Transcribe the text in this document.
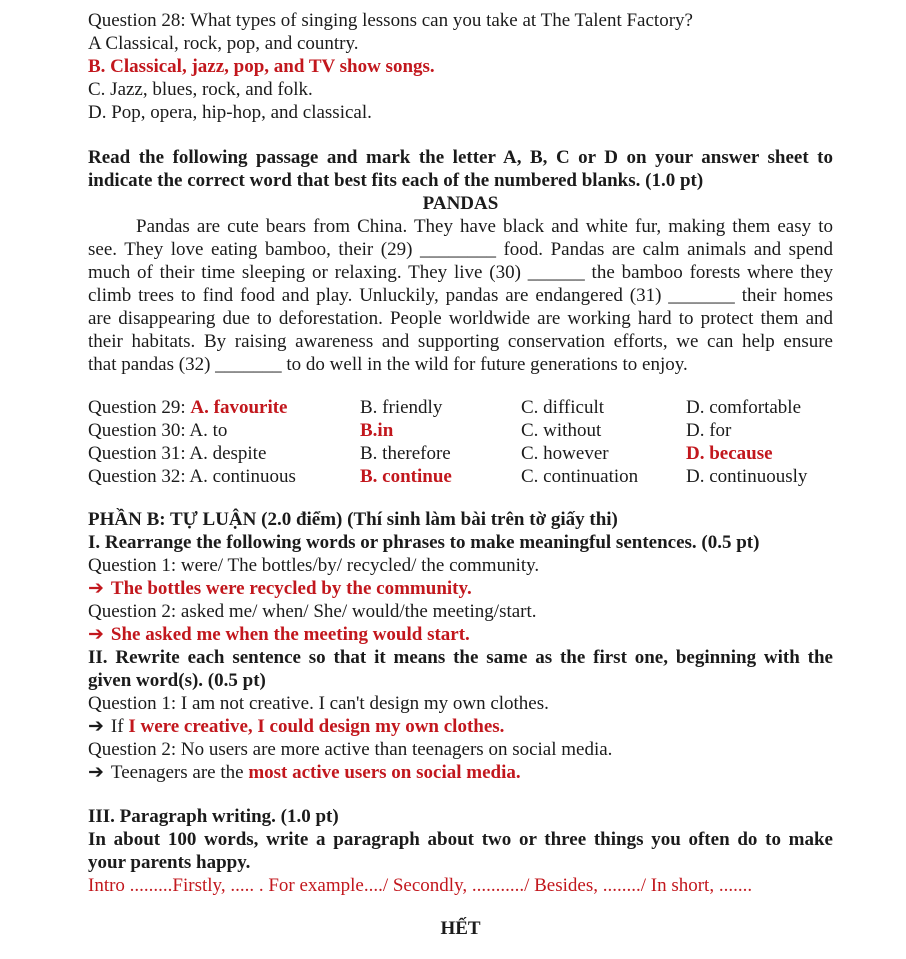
Question 28: What types of singing lessons can you take at The Talent Factory?
A Classical, rock, pop, and country.
B. Classical, jazz, pop, and TV show songs.
C. Jazz, blues, rock, and folk.
D. Pop, opera, hip-hop, and classical.
Read the following passage and mark the letter A, B, C or D on your answer sheet to
indicate the correct word that best fits each of the numbered blanks. (1.0 pt)
PANDAS
Pandas are cute bears from China. They have black and white fur, making them easy to
see. They love eating bamboo, their (29) ________ food. Pandas are calm animals and spend
much of their time sleeping or relaxing. They live (30) ______ the bamboo forests where they
climb trees to find food and play. Unluckily, pandas are endangered (31) _______ their homes
are disappearing due to deforestation. People worldwide are working hard to protect them and
their habitats. By raising awareness and supporting conservation efforts, we can help ensure
that pandas (32) _______ to do well in the wild for future generations to enjoy.
Question 29: A. favourite	B. friendly	C. difficult	D. comfortable
Question 30: A. to	B.in	C. without	D. for
Question 31: A. despite	B. therefore	C. however	D. because
Question 32: A. continuous	B. continue	C. continuation	D. continuously
PHẦN B: TỰ LUẬN (2.0 điểm) (Thí sinh làm bài trên tờ giấy thi)
I. Rearrange the following words or phrases to make meaningful sentences. (0.5 pt)
Question 1: were/ The bottles/by/ recycled/ the community.
➔ The bottles were recycled by the community.
Question 2: asked me/ when/ She/ would/the meeting/start.
➔ She asked me when the meeting would start.
II. Rewrite each sentence so that it means the same as the first one, beginning with the
given word(s). (0.5 pt)
Question 1: I am not creative. I can't design my own clothes.
➔ If I were creative, I could design my own clothes.
Question 2: No users are more active than teenagers on social media.
➔ Teenagers are the most active users on social media.
III. Paragraph writing. (1.0 pt)
In about 100 words, write a paragraph about two or three things you often do to make
your parents happy.
Intro .........Firstly, ..... . For example..../ Secondly, .........../ Besides, ......../ In short, .......
HẾT
